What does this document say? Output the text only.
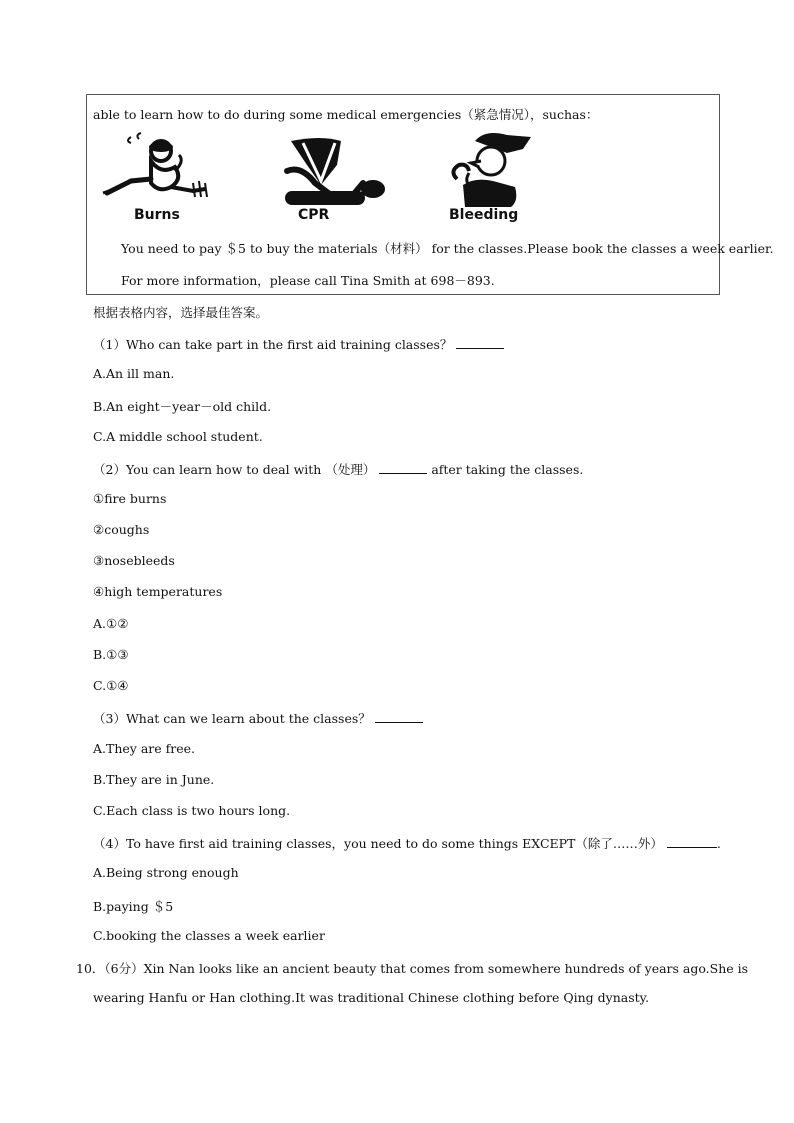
able to learn how to do during some medical emergencies（紧急情况），suchas：
Burns	CPR	Bleeding
You need to pay ＄5 to buy the materials（材料） for the classes.Please book the classes a week earlier.
For more information，please call Tina Smith at 698－893.
根据表格内容，选择最佳答案。
（1）Who can take part in the first aid training classes？
A.An ill man.
B.An eight－year－old child.
C.A middle school student.
（2）You can learn how to deal with （处理）	after taking the classes.
①fire burns
②coughs
③nosebleeds
④high temperatures
A.①②
B.①③
C.①④
（3）What can we learn about the classes？
A.They are free.
B.They are in June.
C.Each class is two hours long.
（4）To have first aid training classes，you need to do some things EXCEPT（除了……外）	.
A.Being strong enough
B.paying ＄5
C.booking the classes a week earlier
10．（6分）Xin Nan looks like an ancient beauty that comes from somewhere hundreds of years ago.She is
wearing Hanfu or Han clothing.It was traditional Chinese clothing before Qing dynasty.
